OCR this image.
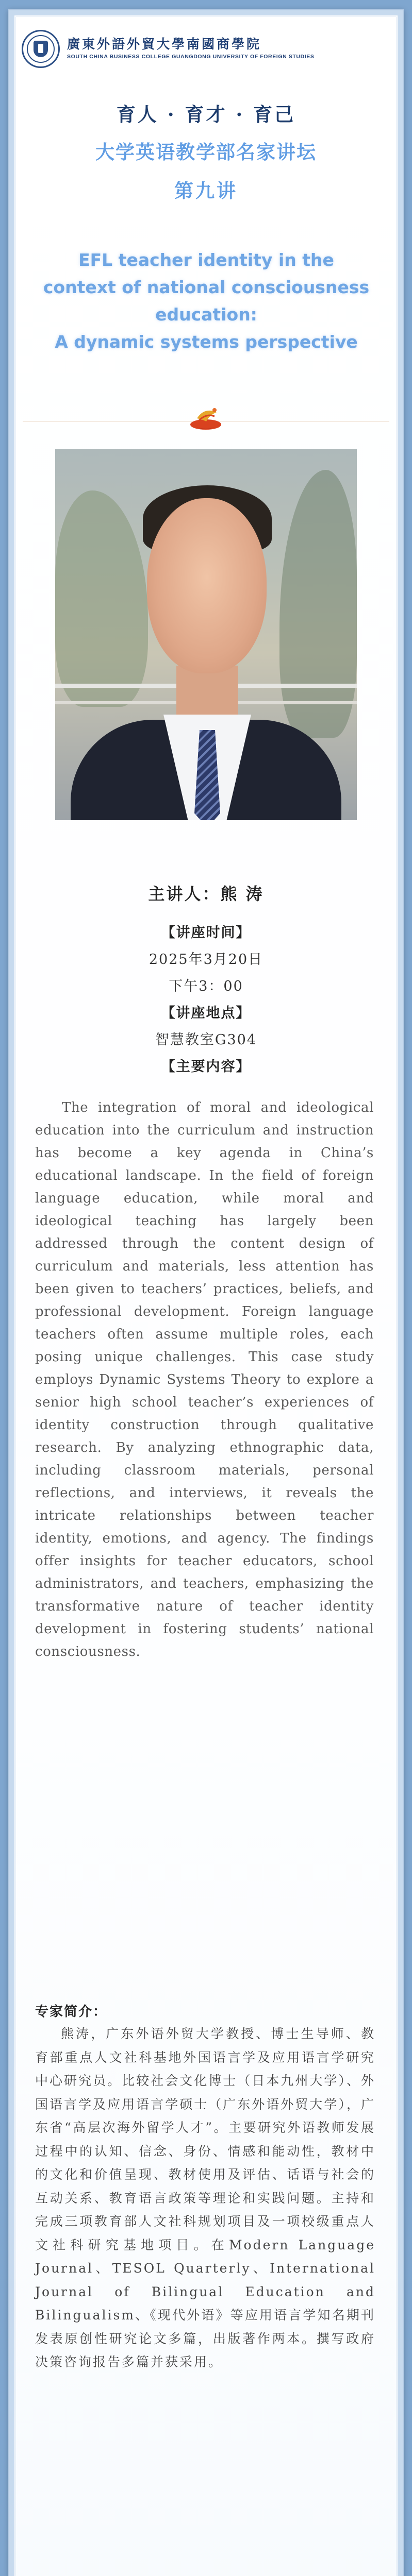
廣東外語外貿大學南國商學院
SOUTH CHINA BUSINESS COLLEGE GUANGDONG UNIVERSITY OF FOREIGN STUDIES
育人 · 育才 · 育己
大学英语教学部名家讲坛
第九讲
EFL teacher identity in the
context of national consciousness
education:
A dynamic systems perspective
主讲人：熊 涛
【讲座时间】
2025年3月20日
下午3：00
【讲座地点】
智慧教室G304
【主要内容】
The integration of moral and ideological education into the curriculum and instruction has become a key agenda in China’s educational landscape. In the field of foreign language education, while moral and ideological teaching has largely been addressed through the content design of curriculum and materials, less attention has been given to teachers’ practices, beliefs, and professional development. Foreign language teachers often assume multiple roles, each posing unique challenges. This case study employs Dynamic Systems Theory to explore a senior high school teacher’s experiences of identity construction through qualitative research. By analyzing ethnographic data, including classroom materials, personal reflections, and interviews, it reveals the intricate relationships between teacher identity, emotions, and agency. The findings offer insights for teacher educators, school administrators, and teachers, emphasizing the transformative nature of teacher identity development in fostering students’ national consciousness.
专家简介：
熊涛，广东外语外贸大学教授、博士生导师、教育部重点人文社科基地外国语言学及应用语言学研究中心研究员。比较社会文化博士（日本九州大学）、外国语言学及应用语言学硕士（广东外语外贸大学），广东省“高层次海外留学人才”。主要研究外语教师发展过程中的认知、信念、身份、情感和能动性，教材中的文化和价值呈现、教材使用及评估、话语与社会的互动关系、教育语言政策等理论和实践问题。主持和完成三项教育部人文社科规划项目及一项校级重点人文社科研究基地项目。在Modern Language Journal、TESOL Quarterly、International Journal of Bilingual Education and Bilingualism、《现代外语》等应用语言学知名期刊发表原创性研究论文多篇，出版著作两本。撰写政府决策咨询报告多篇并获采用。
